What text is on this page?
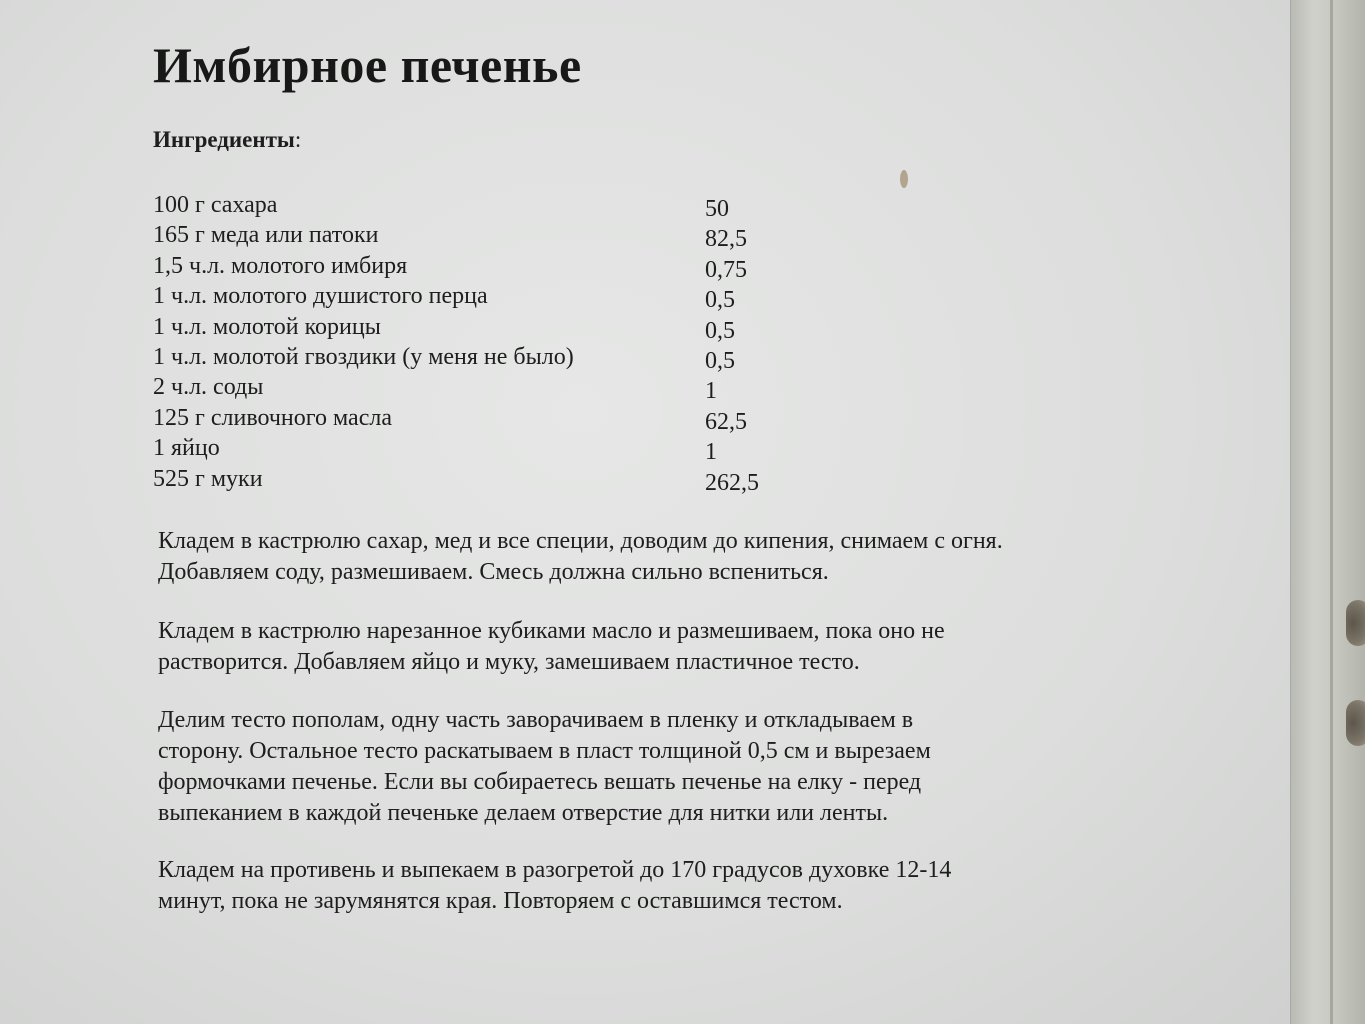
Имбирное печенье
Ингредиенты:
100 г сахара	50
165 г меда или патоки	82,5
1,5 ч.л. молотого имбиря	0,75
1 ч.л. молотого душистого перца	0,5
1 ч.л. молотой корицы	0,5
1 ч.л. молотой гвоздики (у меня не было)	0,5
2 ч.л. соды	1
125 г сливочного масла	62,5
1 яйцо	1
525 г муки	262,5

Кладем в кастрюлю сахар, мед и все специи, доводим до кипения, снимаем с огня.
Добавляем соду, размешиваем. Смесь должна сильно вспениться.

Кладем в кастрюлю нарезанное кубиками масло и размешиваем, пока оно не
растворится. Добавляем яйцо и муку, замешиваем пластичное тесто.

Делим тесто пополам, одну часть заворачиваем в пленку и откладываем в
сторону. Остальное тесто раскатываем в пласт толщиной 0,5 см и вырезаем
формочками печенье. Если вы собираетесь вешать печенье на елку - перед
выпеканием в каждой печеньке делаем отверстие для нитки или ленты.

Кладем на противень и выпекаем в разогретой до 170 градусов духовке 12-14
минут, пока не зарумянятся края. Повторяем с оставшимся тестом.
